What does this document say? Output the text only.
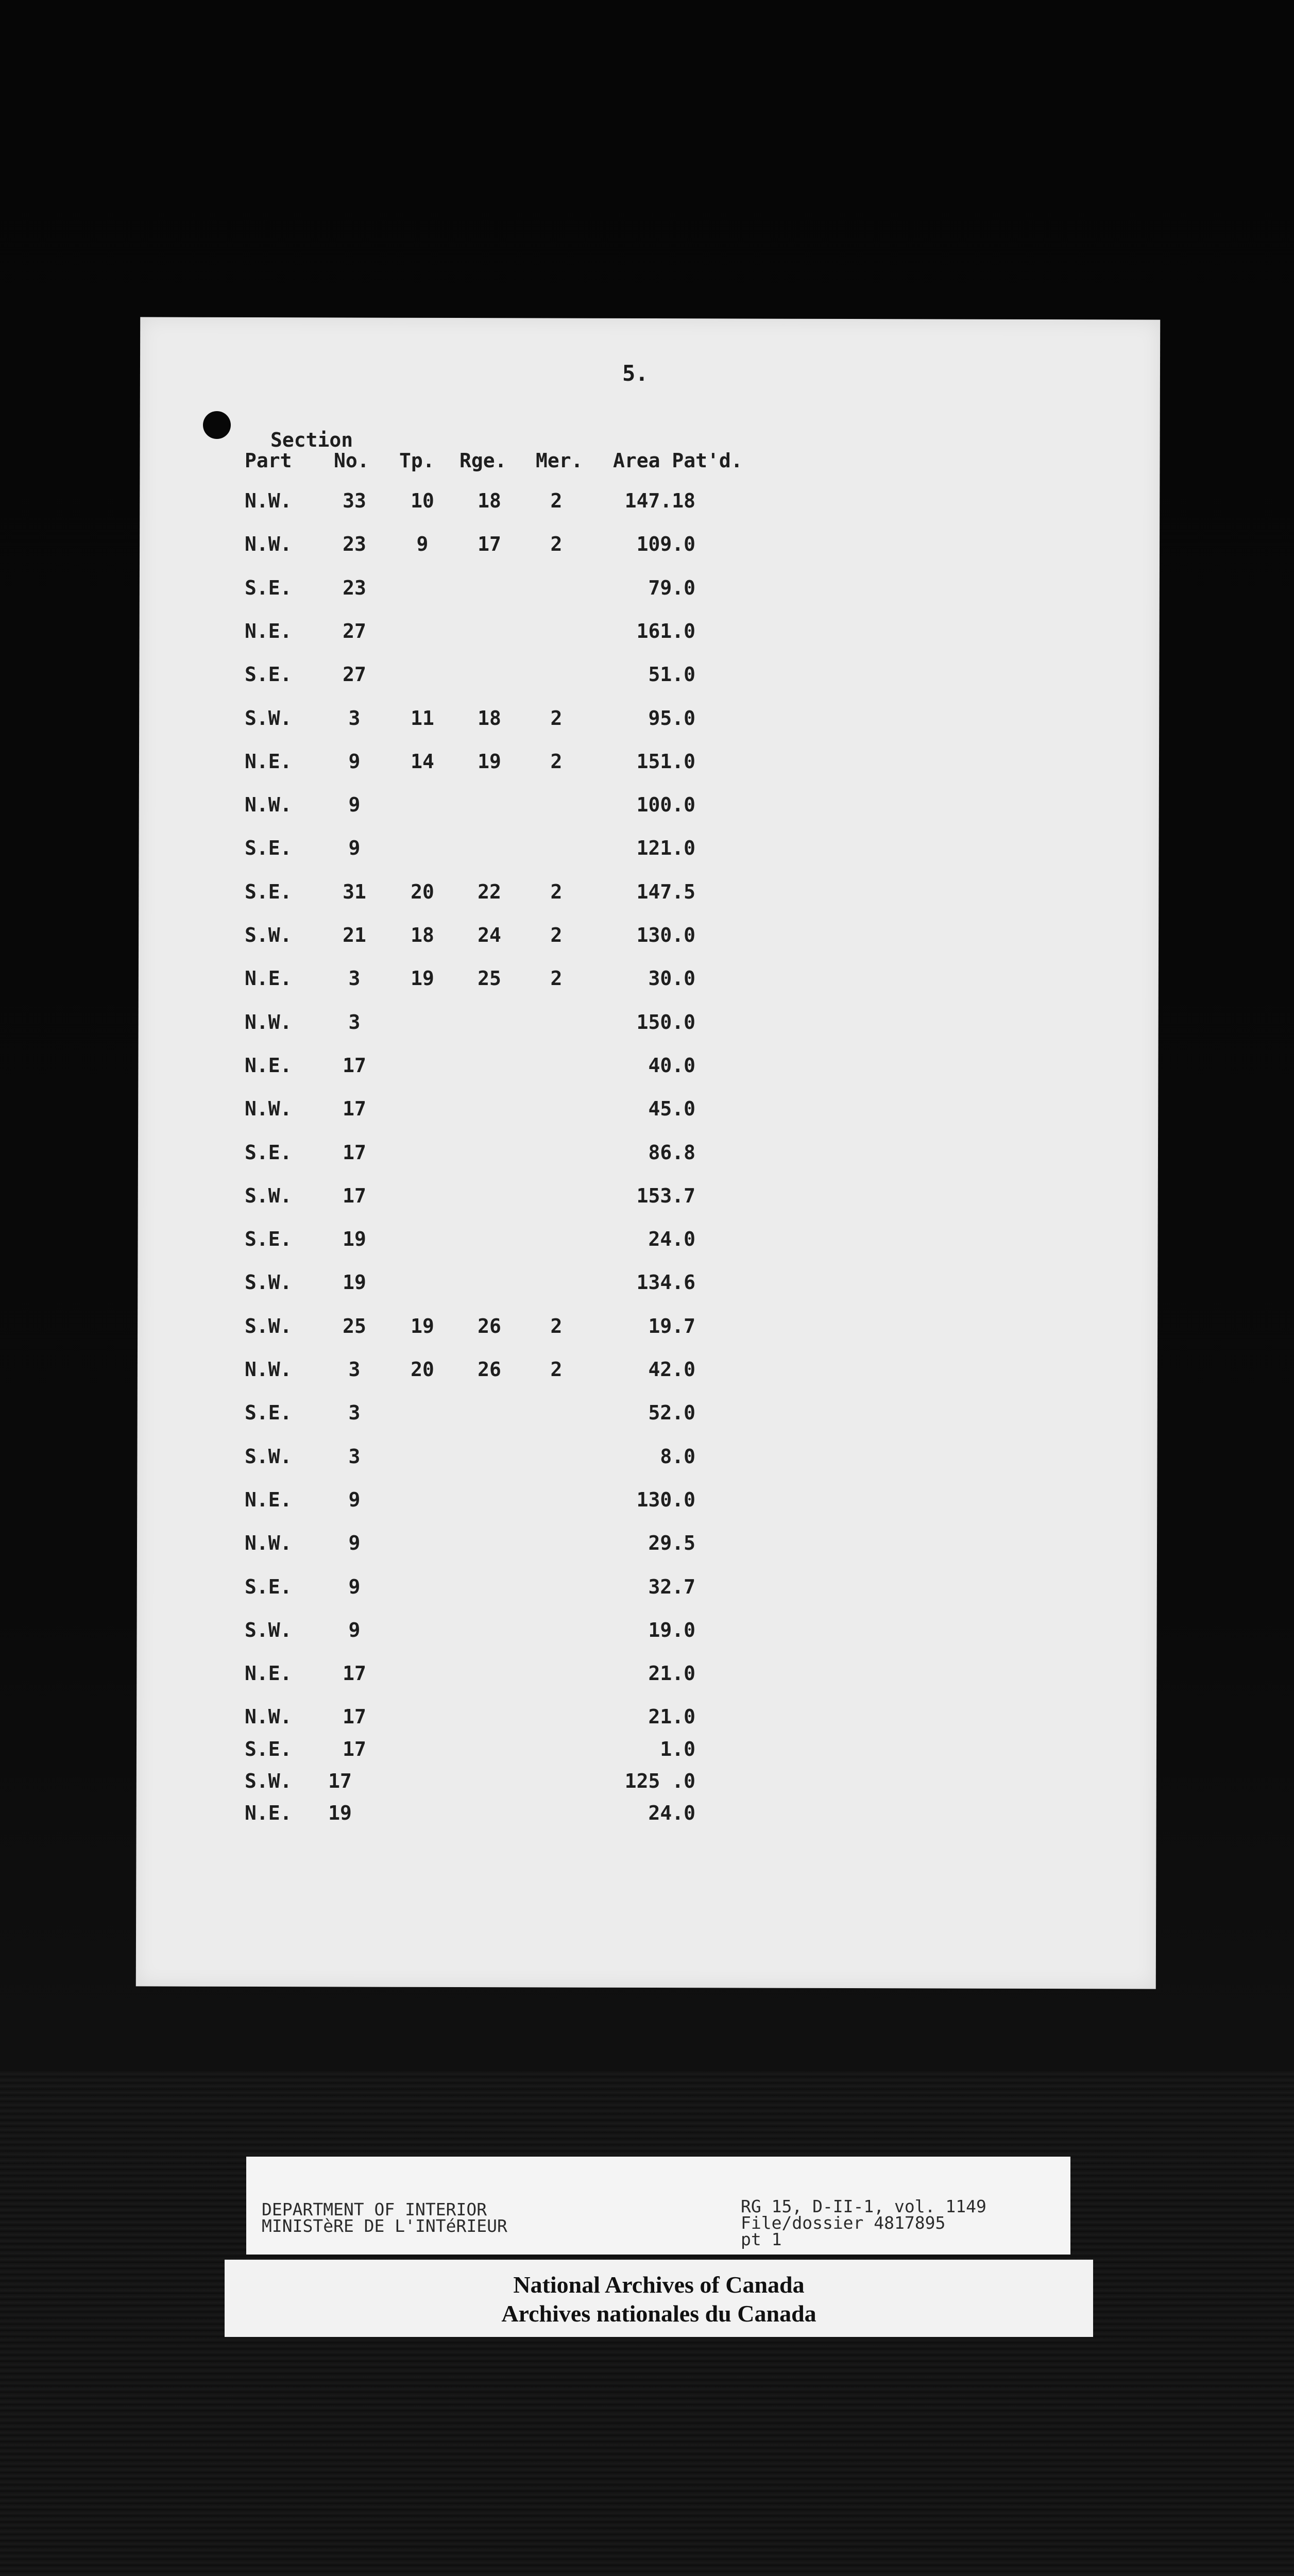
5.
Section
Part No. Tp. Rge. Mer. Area Pat'd.
N.W.	33	10	18	2	147.18
N.W.	23	9	17	2	109.0
S.E.	23	79.0
N.E.	27	161.0
S.E.	27	51.0
S.W.	3	11	18	2	95.0
N.E.	9	14	19	2	151.0
N.W.	9	100.0
S.E.	9	121.0
S.E.	31	20	22	2	147.5
S.W.	21	18	24	2	130.0
N.E.	3	19	25	2	30.0
N.W.	3	150.0
N.E.	17	40.0
N.W.	17	45.0
S.E.	17	86.8
S.W.	17	153.7
S.E.	19	24.0
S.W.	19	134.6
S.W.	25	19	26	2	19.7
N.W.	3	20	26	2	42.0
S.E.	3	52.0
S.W.	3	8.0
N.E.	9	130.0
N.W.	9	29.5
S.E.	9	32.7
S.W.	9	19.0
N.E.	17	21.0
N.W.	17	21.0
S.E.	17	1.0
S.W.	17	125 .0
N.E.	19	24.0
DEPARTMENT OF INTERIOR
MINISTèRE DE L'INTéRIEUR
RG 15, D-II-1, vol. 1149
File/dossier 4817895
pt 1
National Archives of Canada
Archives nationales du Canada
